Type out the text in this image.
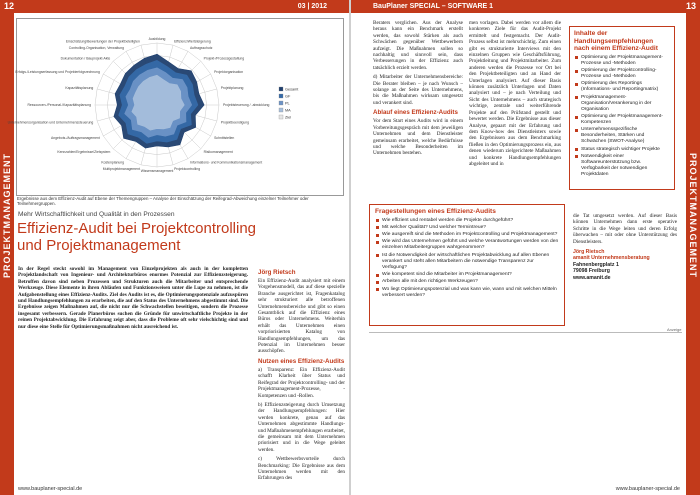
12	03 | 2012
PROJEKTMANAGEMENT
Ausbildung
Effizienz/Wertsteigerung
Auftragsschutz
Projekt-/Prozessgestaltung
Projektorganisation
Projektplanung
Projektsteuerung / -abwicklung
Projektbeendigung
Schnittstellen
Risikomanagement
Informations- und Kommunikationsmanagement
Projektcontrolling
Wissensmanagement
Multiprojektmanagement
Kostenplanung
Kennzahlen/Ergebnisse/Zielsystem
Angebots-/Auftragsmanagement
Unternehmensorganisation und Unternehmenssteuerung
Ressourcen-/Personal-/Kapazitätsplanung
Kapazitätsplanung
Erfolgs-/Leistungserfassung und Projekterfolgsrechnung
Dokumentation / Bauprojekt-Akte
Controlling-Organisation, Verwaltung
Einschätzung/Bewertungen der Projektbeteiligten
Gesamt
GF
PL
MA
Ziel
Ergebnisse aus dem Effizienz-Audit auf Ebene der Themengruppen – Analyse der Einschätzung der Reifegrad-Abweichung einzelner Teilnehmer oder Teilnehmergruppen.
Mehr Wirtschaftlichkeit und Qualität in den Prozessen
Effizienz-Audit bei Projektcontrolling
und Projektmanagement
In der Regel steckt sowohl im Management von Einzelprojekten als auch in der kompletten Projektlandschaft von Ingenieur- und Architekturbüros enormes Potenzial zur Effizienzsteigerung. Betroffen davon sind neben Prozessen und Strukturen auch die Mitarbeiter und entsprechende Werkzeuge. Diese Elemente in ihren Abläufen und Funktionsweisen unter die Lupe zu nehmen, ist die Aufgabenstellung eines Effizienz-Audits. Ziel des Audits ist es, die Optimierungspotenziale aufzuspüren und Handlungsempfehlungen zu erarbeiten, die auf den Status des Unternehmens abgestimmt sind. Die Ergebnisse zeigen Maßnahmen auf, die nicht nur die Schwachstellen beseitigen, sondern die Prozesse insgesamt verbessern. Gerade Planerbüros suchen die Gründe für unwirtschaftliche Projekte in der reinen Projektabwicklung. Die Erfahrung zeigt aber, dass die Probleme oft sehr vielschichtig sind und nur diese eine Stelle für Optimierungsmaßnahmen nicht ausreichend ist.
Jörg Rietsch

Ein Effizienz-Audit analysiert mit einem Vorgehensmodell, das auf diese spezielle Branche ausgerichtet ist, Fragenkatalog sehr strukturiert alle betroffenen Unternehmensbereiche und gibt so einen Gesamtblick auf die Effizienz eines Büros oder Unternehmens. Weiterhin erhält das Unternehmen einen vorpriorisierten Katalog von Handlungsempfehlungen, um das Potenzial im Unternehmen besser ausschöpfen.

Nutzen eines Effizienz-Audits

a) Transparenz: Ein Effizienz-Audit schafft Klarheit über Status und Reifegrad der Projektcontrolling- und der Projektmanagement-Prozesse, -Kompetenzen und -Rollen.

b) Effizienzsteigerung durch Umsetzung der Handlungsempfehlungen: Hier werden konkrete, genau auf das Unternehmen abgestimmte Handlungs- und Maßnahmenempfehlungen erarbeitet, die gemeinsam mit dem Unternehmen priorisiert und in die Wege geleitet werden.

c) Wettbewerbsvorteile durch Benchmarking: Die Ergebnisse aus dem Unternehmen werden mit den Erfahrungen des

www.bauplaner-special.de
BauPlaner SPECIAL – SOFTWARE 1	13
PROJEKTMANAGEMENT

Beraters verglichen. Aus der Analyse heraus kann ein Benchmark erstellt werden, das sowohl Stärken als auch Schwächen gegenüber Wettbewerbern aufzeigt. Die Maßnahmen sollen so nachhaltig und sinnvoll sein, dass Verbesserungen in der Effizienz auch tatsächlich erzielt werden.

d) Mitarbeiter der Unternehmensbereiche: Die Berater bleiben – je nach Wunsch – solange an der Seite des Unternehmens, bis die Maßnahmen wirksam umgesetzt und verankert sind.

Ablauf eines Effizienz-Audits

Vor dem Start eines Audits wird in einem Vorbereitungsgespräch mit dem jeweiligen Unternehmen und dem Dienstleister gemeinsam erarbeitet, welche Bedürfnisse und welche Besonderheiten im Unternehmen bestehen.

men vorlagen. Dabei werden vor allem die konkreten Ziele für das Audit-Projekt ermittelt und festgemacht. Der Audit-Prozess selbst ist mehrschichtig. Zum einen gibt es strukturierte Interviews mit den einzelnen Gruppen wie Geschäftsführung, Projektleitung und Projektmitarbeiter. Zum anderen werden die Prozesse vor Ort bei den Projektbeteiligten und an Hand der Unterlagen analysiert. Auf dieser Basis können zusätzlich Unterlagen und Daten analysiert und – je nach Verteilung und Sicht des Unternehmens – auch strategisch wichtige, zentrale und weiterführende Projekte auf den Prüfstand gestellt und bewertet werden. Die Ergebnisse aus dieser Analyse, gepaart mit der Erfahrung und dem Know-how des Dienstleisters sowie den Ergebnissen aus dem Benchmarking fließen in den Optimierungsprozess ein, aus denen wiederum zielgerichtete Maßnahmen und konkrete Handlungsempfehlungen abgeleitet und in

Inhalte der Handlungsempfehlungen nach einem Effizienz-Audit
Optimierung der Projektmanagement-Prozesse und -Methoden
Optimierung der Projektcontrolling-Prozesse und -Methoden
Optimierung des Reportings (Informations- und Reportingmatrix)
Projektmanagement-Organisation/Verankerung in der Organisation
Optimierung der Projektmanagement-Kompetenzen
Unternehmensspezifische Besonderheiten, Stärken und Schwächen (SWOT-Analyse)
Status strategisch wichtiger Projekte
Notwendigkeit einer Softwareunterstützung bzw. Verfügbarkeit der notwendigen Projektdaten
Fragestellungen eines Effizienz-Audits
Wie effizient und rentabel werden die Projekte durchgeführt?
Mit welcher Qualität? Und welcher Termintreue?
Wie ausgereift sind die Methoden im Projektcontrolling und Projektmanagement?
Wie wird das Unternehmen geführt und welche Verantwortungen werden von den einzelnen Mitarbeitergruppen wahrgenommen?
Ist die Notwendigkeit der wirtschaftlichen Projektabwicklung auf allen Ebenen verankert und steht allen Mitarbeitern die notwendige Transparenz zur Verfügung?
Wie kompetent sind die Mitarbeiter im Projektmanagement?
Arbeiten alle mit den richtigen Werkzeugen?
Wo liegt Optimierungspotenzial und was kann wie, wann und mit welchen Mitteln verbessert werden?

die Tat umgesetzt werden. Auf dieser Basis können Unternehmen dann erste operative Schritte in die Wege leiten und deren Erfolg überwachen – mit oder ohne Unterstützung des Dienstleisters.

Jörg Rietsch
amanit Unternehmensberatung
Fahnenbergplatz 1
79098 Freiburg
www.amanit.de
Anzeige
www.bauplaner-special.de
